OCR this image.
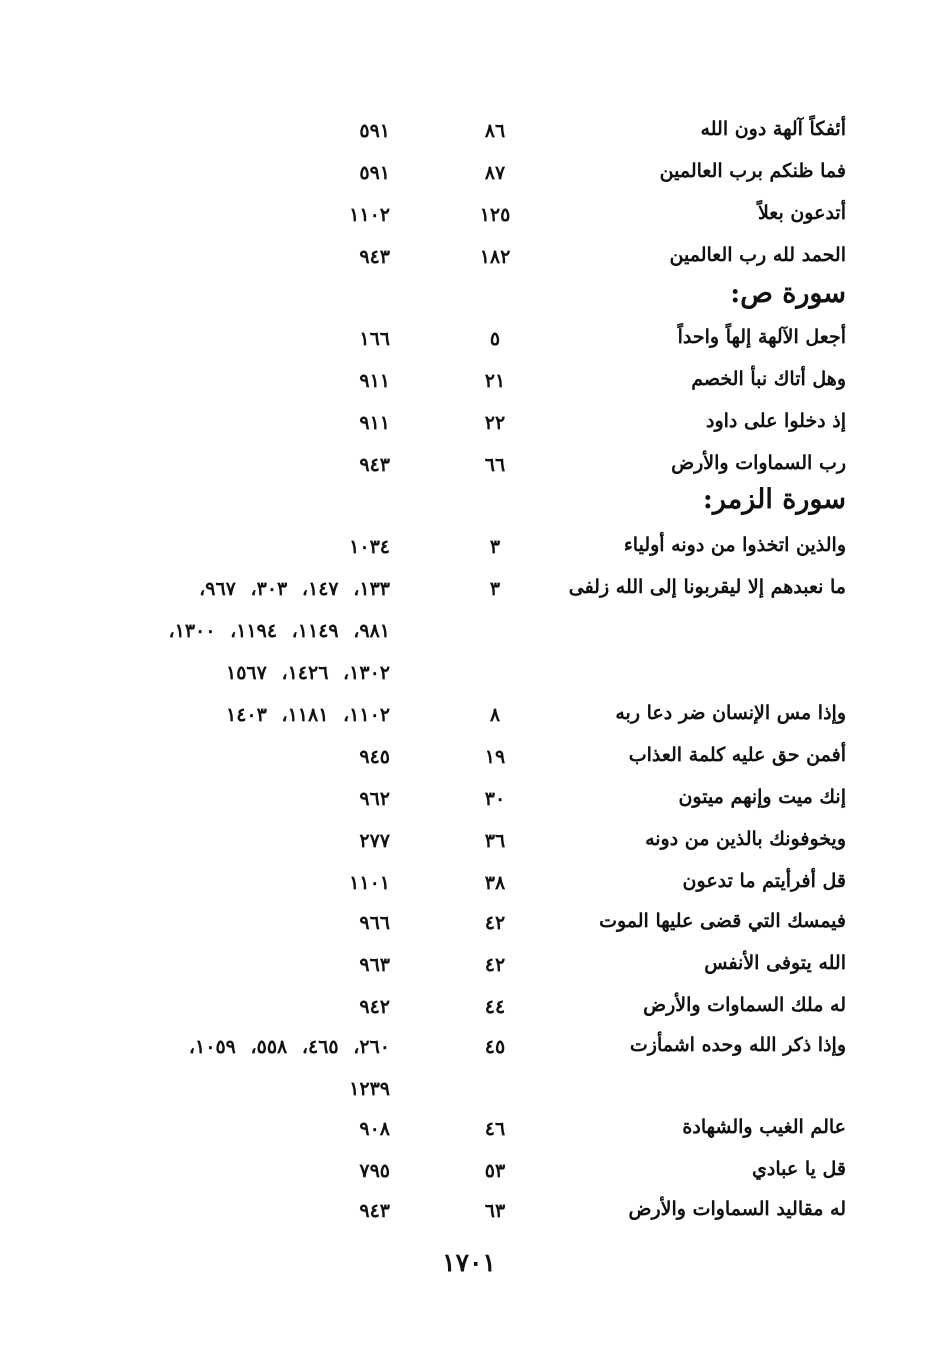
أئفكاً آلهة دون الله
٨٦
٥٩١
فما ظنكم برب العالمين
٨٧
٥٩١
أتدعون بعلاً
١٢٥
١١٠٢
الحمد لله رب العالمين
١٨٢
٩٤٣
سورة ص:
أجعل الآلهة إلهاً واحداً
٥
١٦٦
وهل أتاك نبأ الخصم
٢١
٩١١
إذ دخلوا على داود
٢٢
٩١١
رب السماوات والأرض
٦٦
٩٤٣
سورة الزمر:
والذين اتخذوا من دونه أولياء
٣
١٠٣٤
ما نعبدهم إلا ليقربونا إلى الله زلفى
٣
١٣٣، ١٤٧، ٣٠٣، ٩٦٧،
٩٨١، ١١٤٩، ١١٩٤، ١٣٠٠،
١٣٠٢، ١٤٢٦، ١٥٦٧
وإذا مس الإنسان ضر دعا ربه
٨
١١٠٢، ١١٨١، ١٤٠٣
أفمن حق عليه كلمة العذاب
١٩
٩٤٥
إنك ميت وإنهم ميتون
٣٠
٩٦٢
ويخوفونك بالذين من دونه
٣٦
٢٧٧
قل أفرأيتم ما تدعون
٣٨
١١٠١
فيمسك التي قضى عليها الموت
٤٢
٩٦٦
الله يتوفى الأنفس
٤٢
٩٦٣
له ملك السماوات والأرض
٤٤
٩٤٢
وإذا ذكر الله وحده اشمأزت
٤٥
٢٦٠، ٤٦٥، ٥٥٨، ١٠٥٩،
١٢٣٩
عالم الغيب والشهادة
٤٦
٩٠٨
قل يا عبادي
٥٣
٧٩٥
له مقاليد السماوات والأرض
٦٣
٩٤٣
١٧٠١
